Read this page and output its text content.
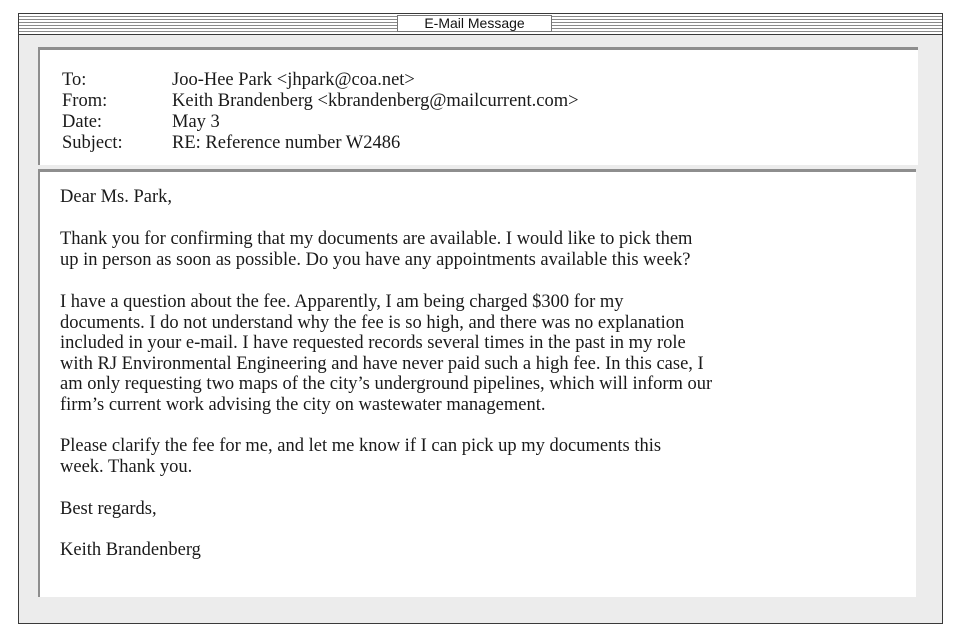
E-Mail Message
To:	Joo-Hee Park <jhpark@coa.net>
From:	Keith Brandenberg <kbrandenberg@mailcurrent.com>
Date:	May 3
Subject:	RE: Reference number W2486

Dear Ms. Park,

Thank you for confirming that my documents are available. I would like to pick them

up in person as soon as possible. Do you have any appointments available this week?

I have a question about the fee. Apparently, I am being charged $300 for my

documents. I do not understand why the fee is so high, and there was no explanation

included in your e-mail. I have requested records several times in the past in my role

with RJ Environmental Engineering and have never paid such a high fee. In this case, I

am only requesting two maps of the city’s underground pipelines, which will inform our

firm’s current work advising the city on wastewater management.

Please clarify the fee for me, and let me know if I can pick up my documents this

week. Thank you.

Best regards,

Keith Brandenberg
